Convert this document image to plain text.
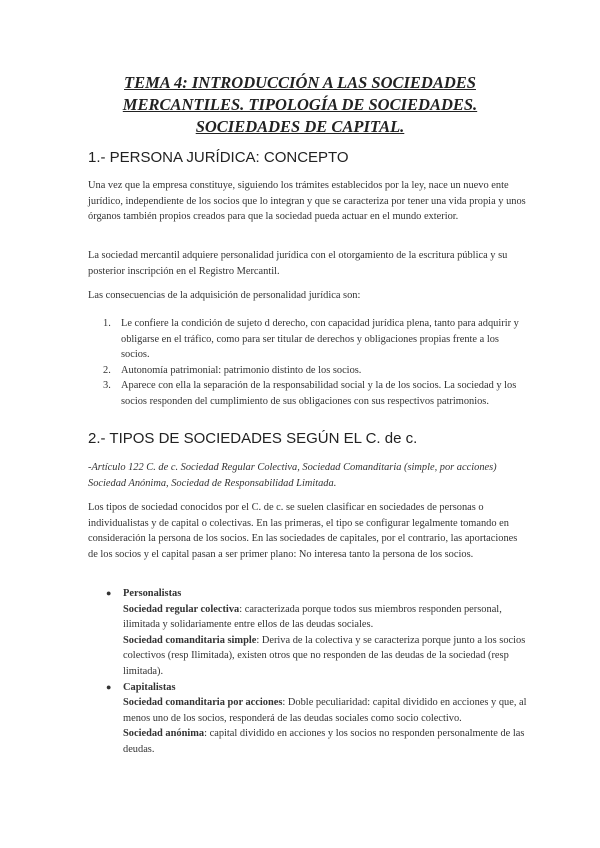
TEMA 4: INTRODUCCIÓN A LAS SOCIEDADES
MERCANTILES. TIPOLOGÍA DE SOCIEDADES.
SOCIEDADES DE CAPITAL.
1.- PERSONA JURÍDICA: CONCEPTO

Una vez que la empresa constituye, siguiendo los trámites establecidos por la ley, nace un nuevo ente jurídico, independiente de los socios que lo integran y que se caracteriza por tener una vida propia y unos órganos también propios creados para que la sociedad pueda actuar en el mundo exterior.

La sociedad mercantil adquiere personalidad jurídica con el otorgamiento de la escritura pública y su posterior inscripción en el Registro Mercantil.

Las consecuencias de la adquisición de personalidad jurídica son:

1. Le confiere la condición de sujeto d derecho, con capacidad jurídica plena, tanto para adquirir y obligarse en el tráfico, como para ser titular de derechos y obligaciones propias frente a los socios.
2. Autonomía patrimonial: patrimonio distinto de los socios.
3. Aparece con ella la separación de la responsabilidad social y la de los socios. La sociedad y los socios responden del cumplimiento de sus obligaciones con sus respectivos patrimonios.
2.- TIPOS DE SOCIEDADES SEGÚN EL C. de c.

-Artículo 122 C. de c. Sociedad Regular Colectiva, Sociedad Comanditaria (simple, por acciones) Sociedad Anónima, Sociedad de Responsabilidad Limitada.

Los tipos de sociedad conocidos por el C. de c. se suelen clasificar en sociedades de personas o individualistas y de capital o colectivas. En las primeras, el tipo se configurar legalmente tomando en consideración la persona de los socios. En las sociedades de capitales, por el contrario, las aportaciones de los socios y el capital pasan a ser primer plano: No interesa tanto la persona de los socios.

● Personalistas
Sociedad regular colectiva: caracterizada porque todos sus miembros responden personal, ilimitada y solidariamente entre ellos de las deudas sociales.
Sociedad comanditaria simple: Deriva de la colectiva y se caracteriza porque junto a los socios colectivos (resp Ilimitada), existen otros que no responden de las deudas de la sociedad (resp limitada).
● Capitalistas
Sociedad comanditaria por acciones: Doble peculiaridad: capital dividido en acciones y que, al menos uno de los socios, responderá de las deudas sociales como socio colectivo.
Sociedad anónima: capital dividido en acciones y los socios no responden personalmente de las deudas.
